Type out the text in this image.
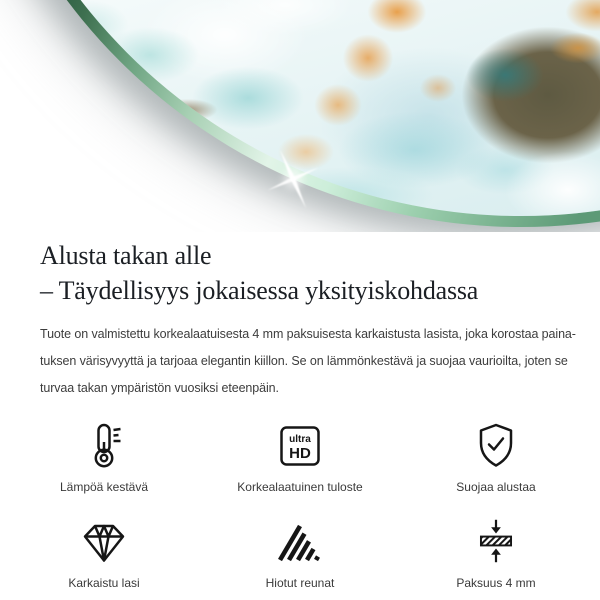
Alusta takan alle
– Täydellisyys jokaisessa yksityiskohdassa
Tuote on valmistettu korkealaatuisesta 4 mm paksuisesta karkaistusta lasista, joka korostaa paina-
tuksen värisyvyyttä ja tarjoaa elegantin kiillon. Se on lämmönkestävä ja suojaa vaurioilta, joten se
turvaa takan ympäristön vuosiksi eteenpäin.
Lämpöä kestävä
ultra
HD
Korkealaatuinen tuloste	Suojaa alustaa
Karkaistu lasi	Hiotut reunat	Paksuus 4 mm
